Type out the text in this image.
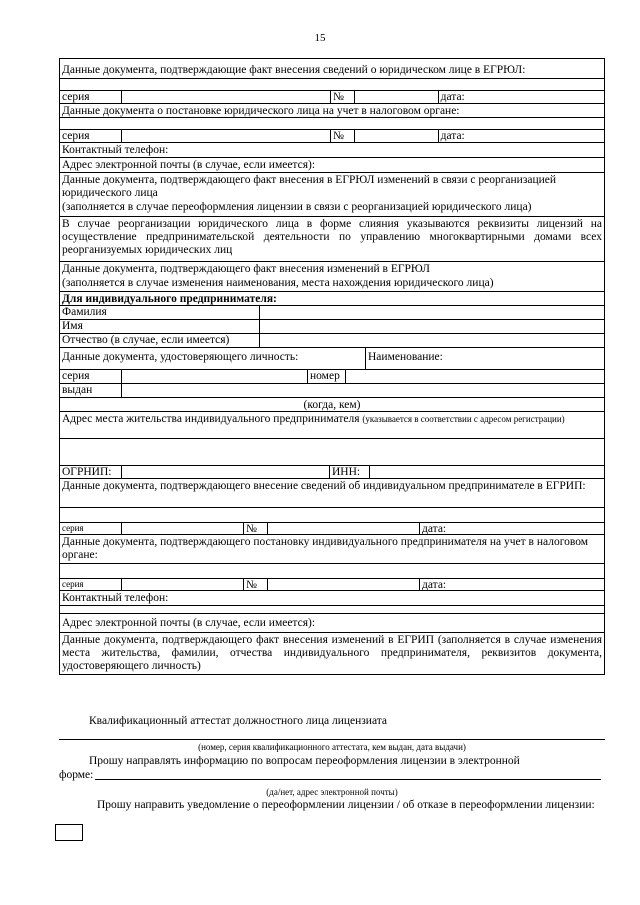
15
Данные документа, подтверждающие факт внесения сведений о юридическом лице в ЕГРЮЛ:
серия	№	дата:
Данные документа о постановке юридического лица на учет в налоговом органе:
серия	№	дата:
Контактный телефон:
Адрес электронной почты (в случае, если имеется):
Данные документа, подтверждающего факт внесения в ЕГРЮЛ изменений в связи с реорганизацией юридического лица
(заполняется в случае переоформления лицензии в связи с реорганизацией юридического лица)
В случае реорганизации юридического лица в форме слияния указываются реквизиты лицензий на осуществление предпринимательской деятельности по управлению многоквартирными домами всех реорганизуемых юридических лиц
Данные документа, подтверждающего факт внесения изменений в ЕГРЮЛ
(заполняется в случае изменения наименования, места нахождения юридического лица)
Для индивидуального предпринимателя:
Фамилия
Имя
Отчество (в случае, если имеется)
Данные документа, удостоверяющего личность:	Наименование:
серия	номер
выдан
(когда, кем)
Адрес места жительства индивидуального предпринимателя (указывается в соответствии с адресом регистрации)
ОГРНИП:	ИНН:
Данные документа, подтверждающего внесение сведений об индивидуальном предпринимателе в ЕГРИП:
серия	№	дата:
Данные документа, подтверждающего постановку индивидуального предпринимателя на учет в налоговом органе:
серия	№	дата:
Контактный телефон:
Адрес электронной почты (в случае, если имеется):
Данные документа, подтверждающего факт внесения изменений в ЕГРИП (заполняется в случае изменения места жительства, фамилии, отчества индивидуального предпринимателя, реквизитов документа, удостоверяющего личность)
Квалификационный аттестат должностного лица лицензиата
(номер, серия квалификационного аттестата, кем выдан, дата выдачи)
Прошу направлять информацию по вопросам переоформления лицензии в электронной
форме:
(да/нет, адрес электронной почты)
Прошу направить уведомление о переоформлении лицензии / об отказе в переоформлении лицензии:
